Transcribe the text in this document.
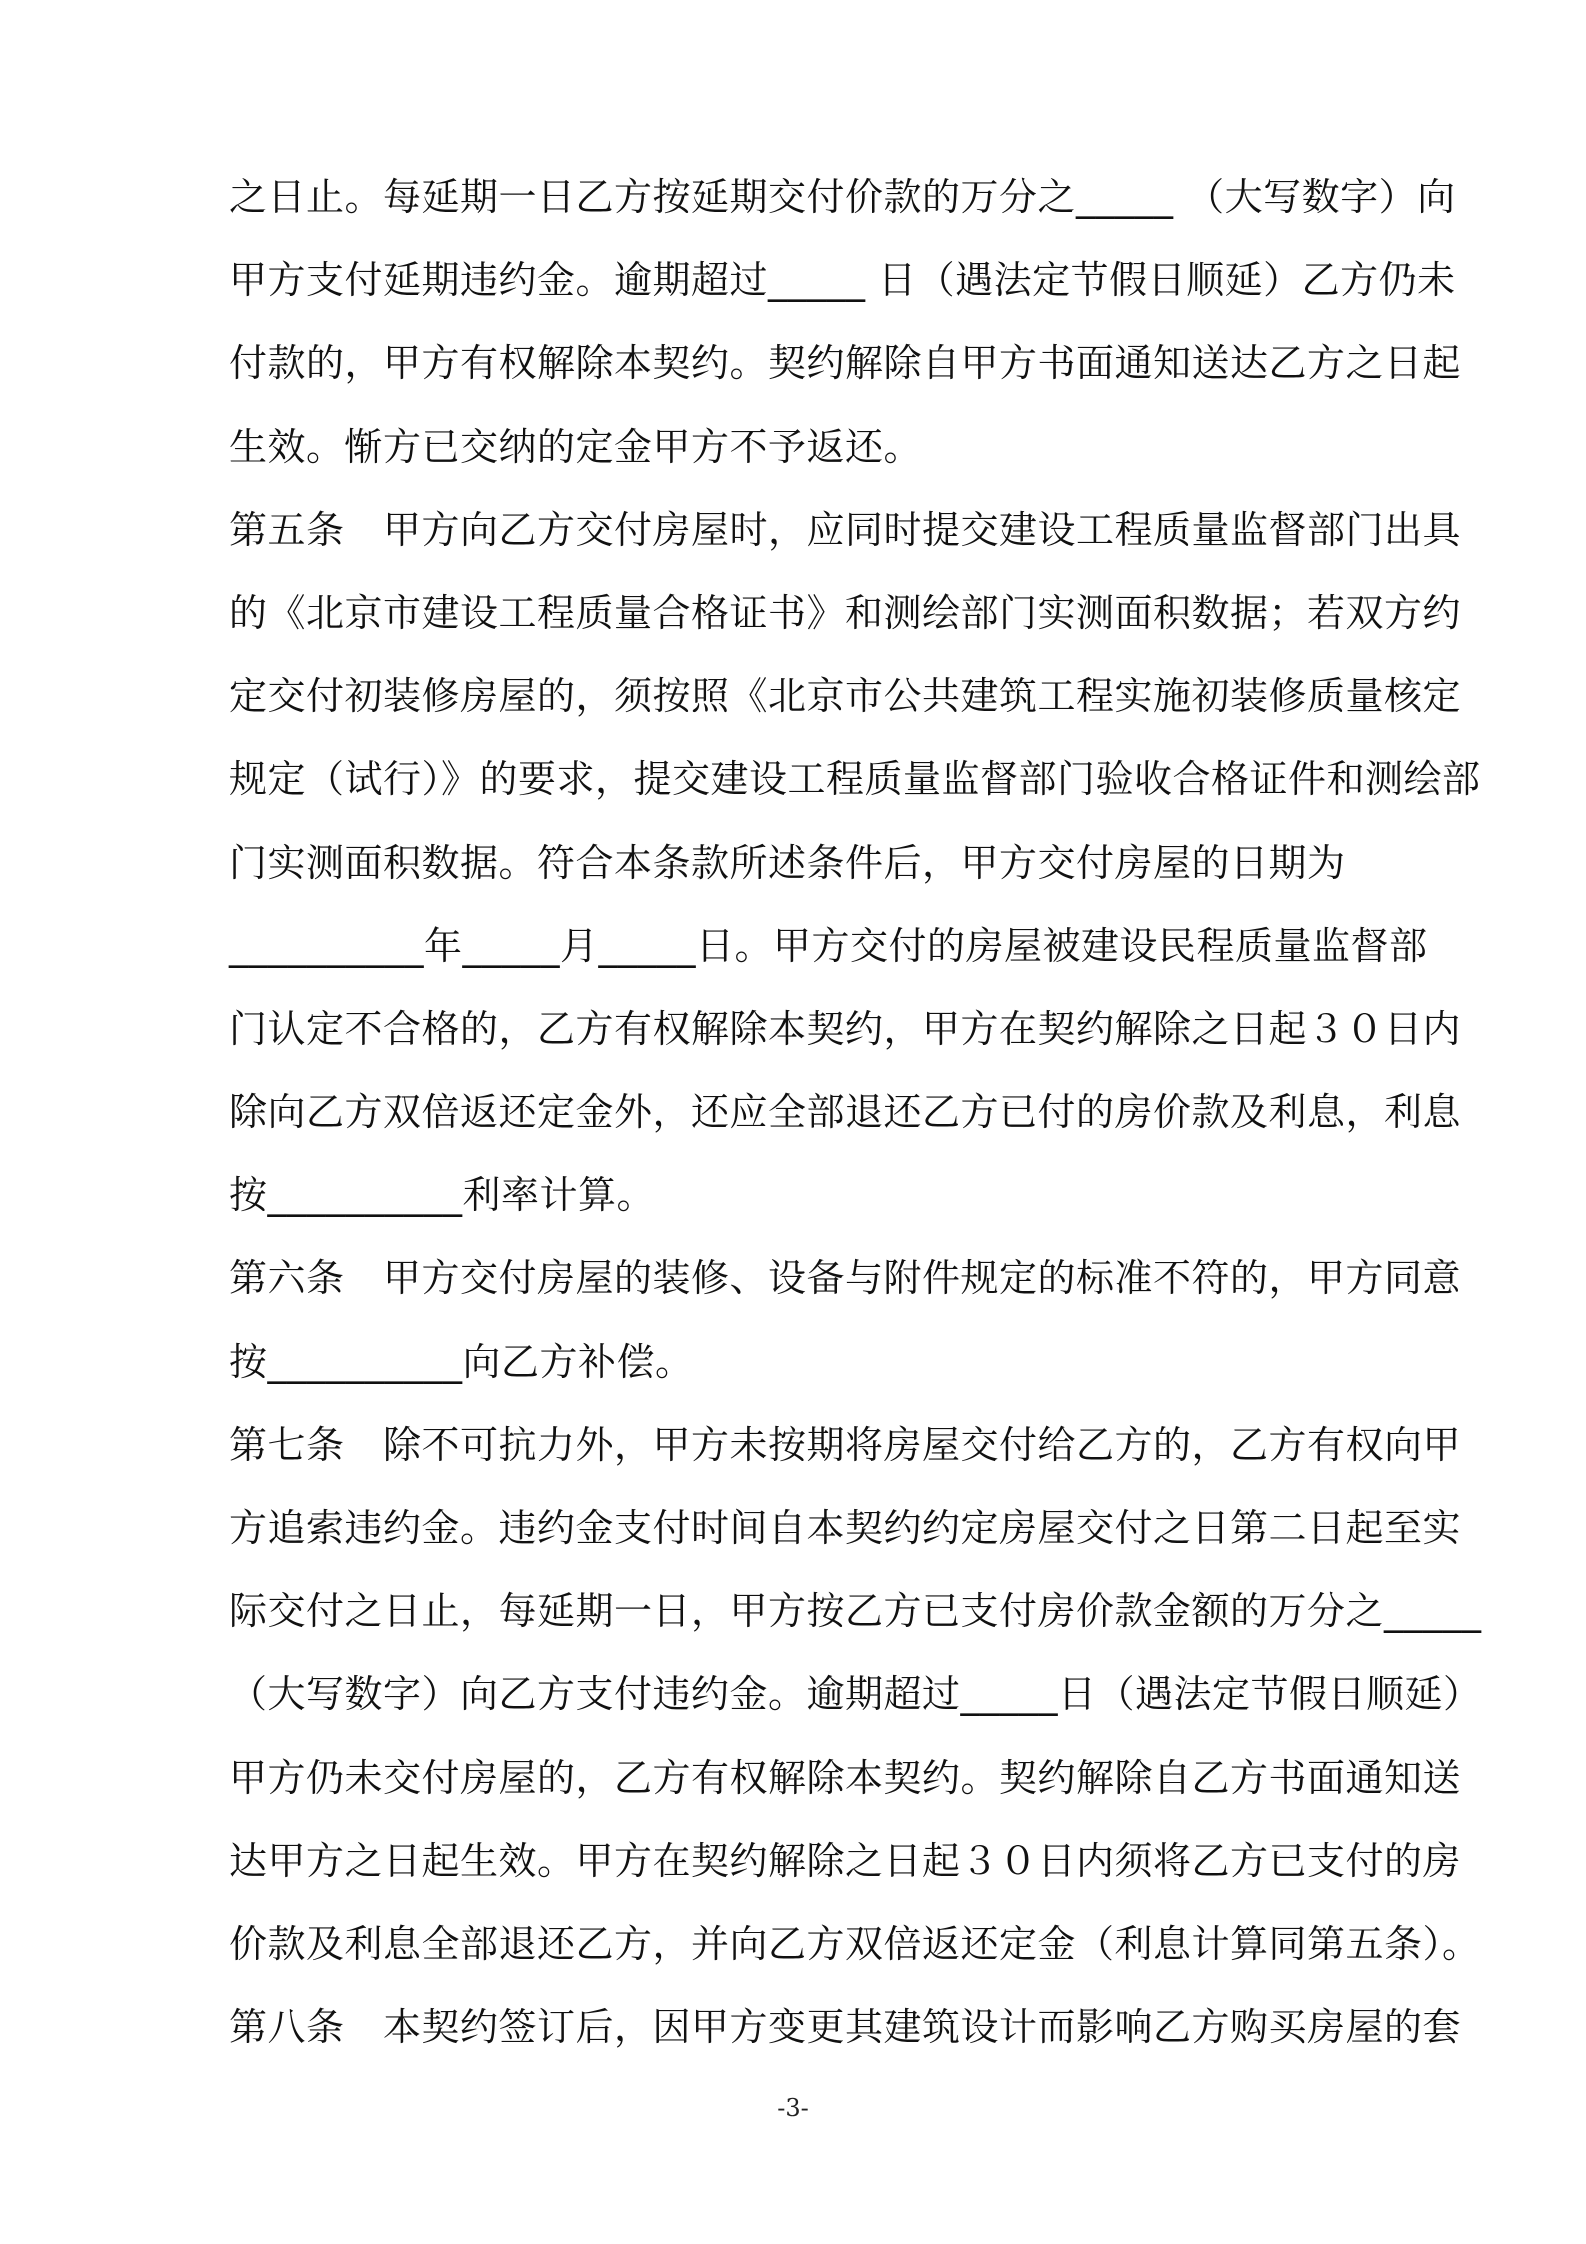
之日止。每延期一日乙方按延期交付价款的万分之_____ （大写数字）向
甲方支付延期违约金。逾期超过_____ 日（遇法定节假日顺延）乙方仍未
付款的，甲方有权解除本契约。契约解除自甲方书面通知送达乙方之日起
生效。惭方已交纳的定金甲方不予返还。
第五条　甲方向乙方交付房屋时，应同时提交建设工程质量监督部门出具
的《北京市建设工程质量合格证书》和测绘部门实测面积数据；若双方约
定交付初装修房屋的，须按照《北京市公共建筑工程实施初装修质量核定
规定（试行）》的要求，提交建设工程质量监督部门验收合格证件和测绘部
门实测面积数据。符合本条款所述条件后，甲方交付房屋的日期为
__________年_____月_____日。甲方交付的房屋被建设民程质量监督部
门认定不合格的，乙方有权解除本契约，甲方在契约解除之日起３０日内
除向乙方双倍返还定金外，还应全部退还乙方已付的房价款及利息，利息
按__________利率计算。
第六条　甲方交付房屋的装修、设备与附件规定的标准不符的，甲方同意
按__________向乙方补偿。
第七条　除不可抗力外，甲方未按期将房屋交付给乙方的，乙方有权向甲
方追索违约金。违约金支付时间自本契约约定房屋交付之日第二日起至实
际交付之日止，每延期一日，甲方按乙方已支付房价款金额的万分之_____
（大写数字）向乙方支付违约金。逾期超过_____日（遇法定节假日顺延）
甲方仍未交付房屋的，乙方有权解除本契约。契约解除自乙方书面通知送
达甲方之日起生效。甲方在契约解除之日起３０日内须将乙方已支付的房
价款及利息全部退还乙方，并向乙方双倍返还定金（利息计算同第五条）。
第八条　本契约签订后，因甲方变更其建筑设计而影响乙方购买房屋的套
-3-
